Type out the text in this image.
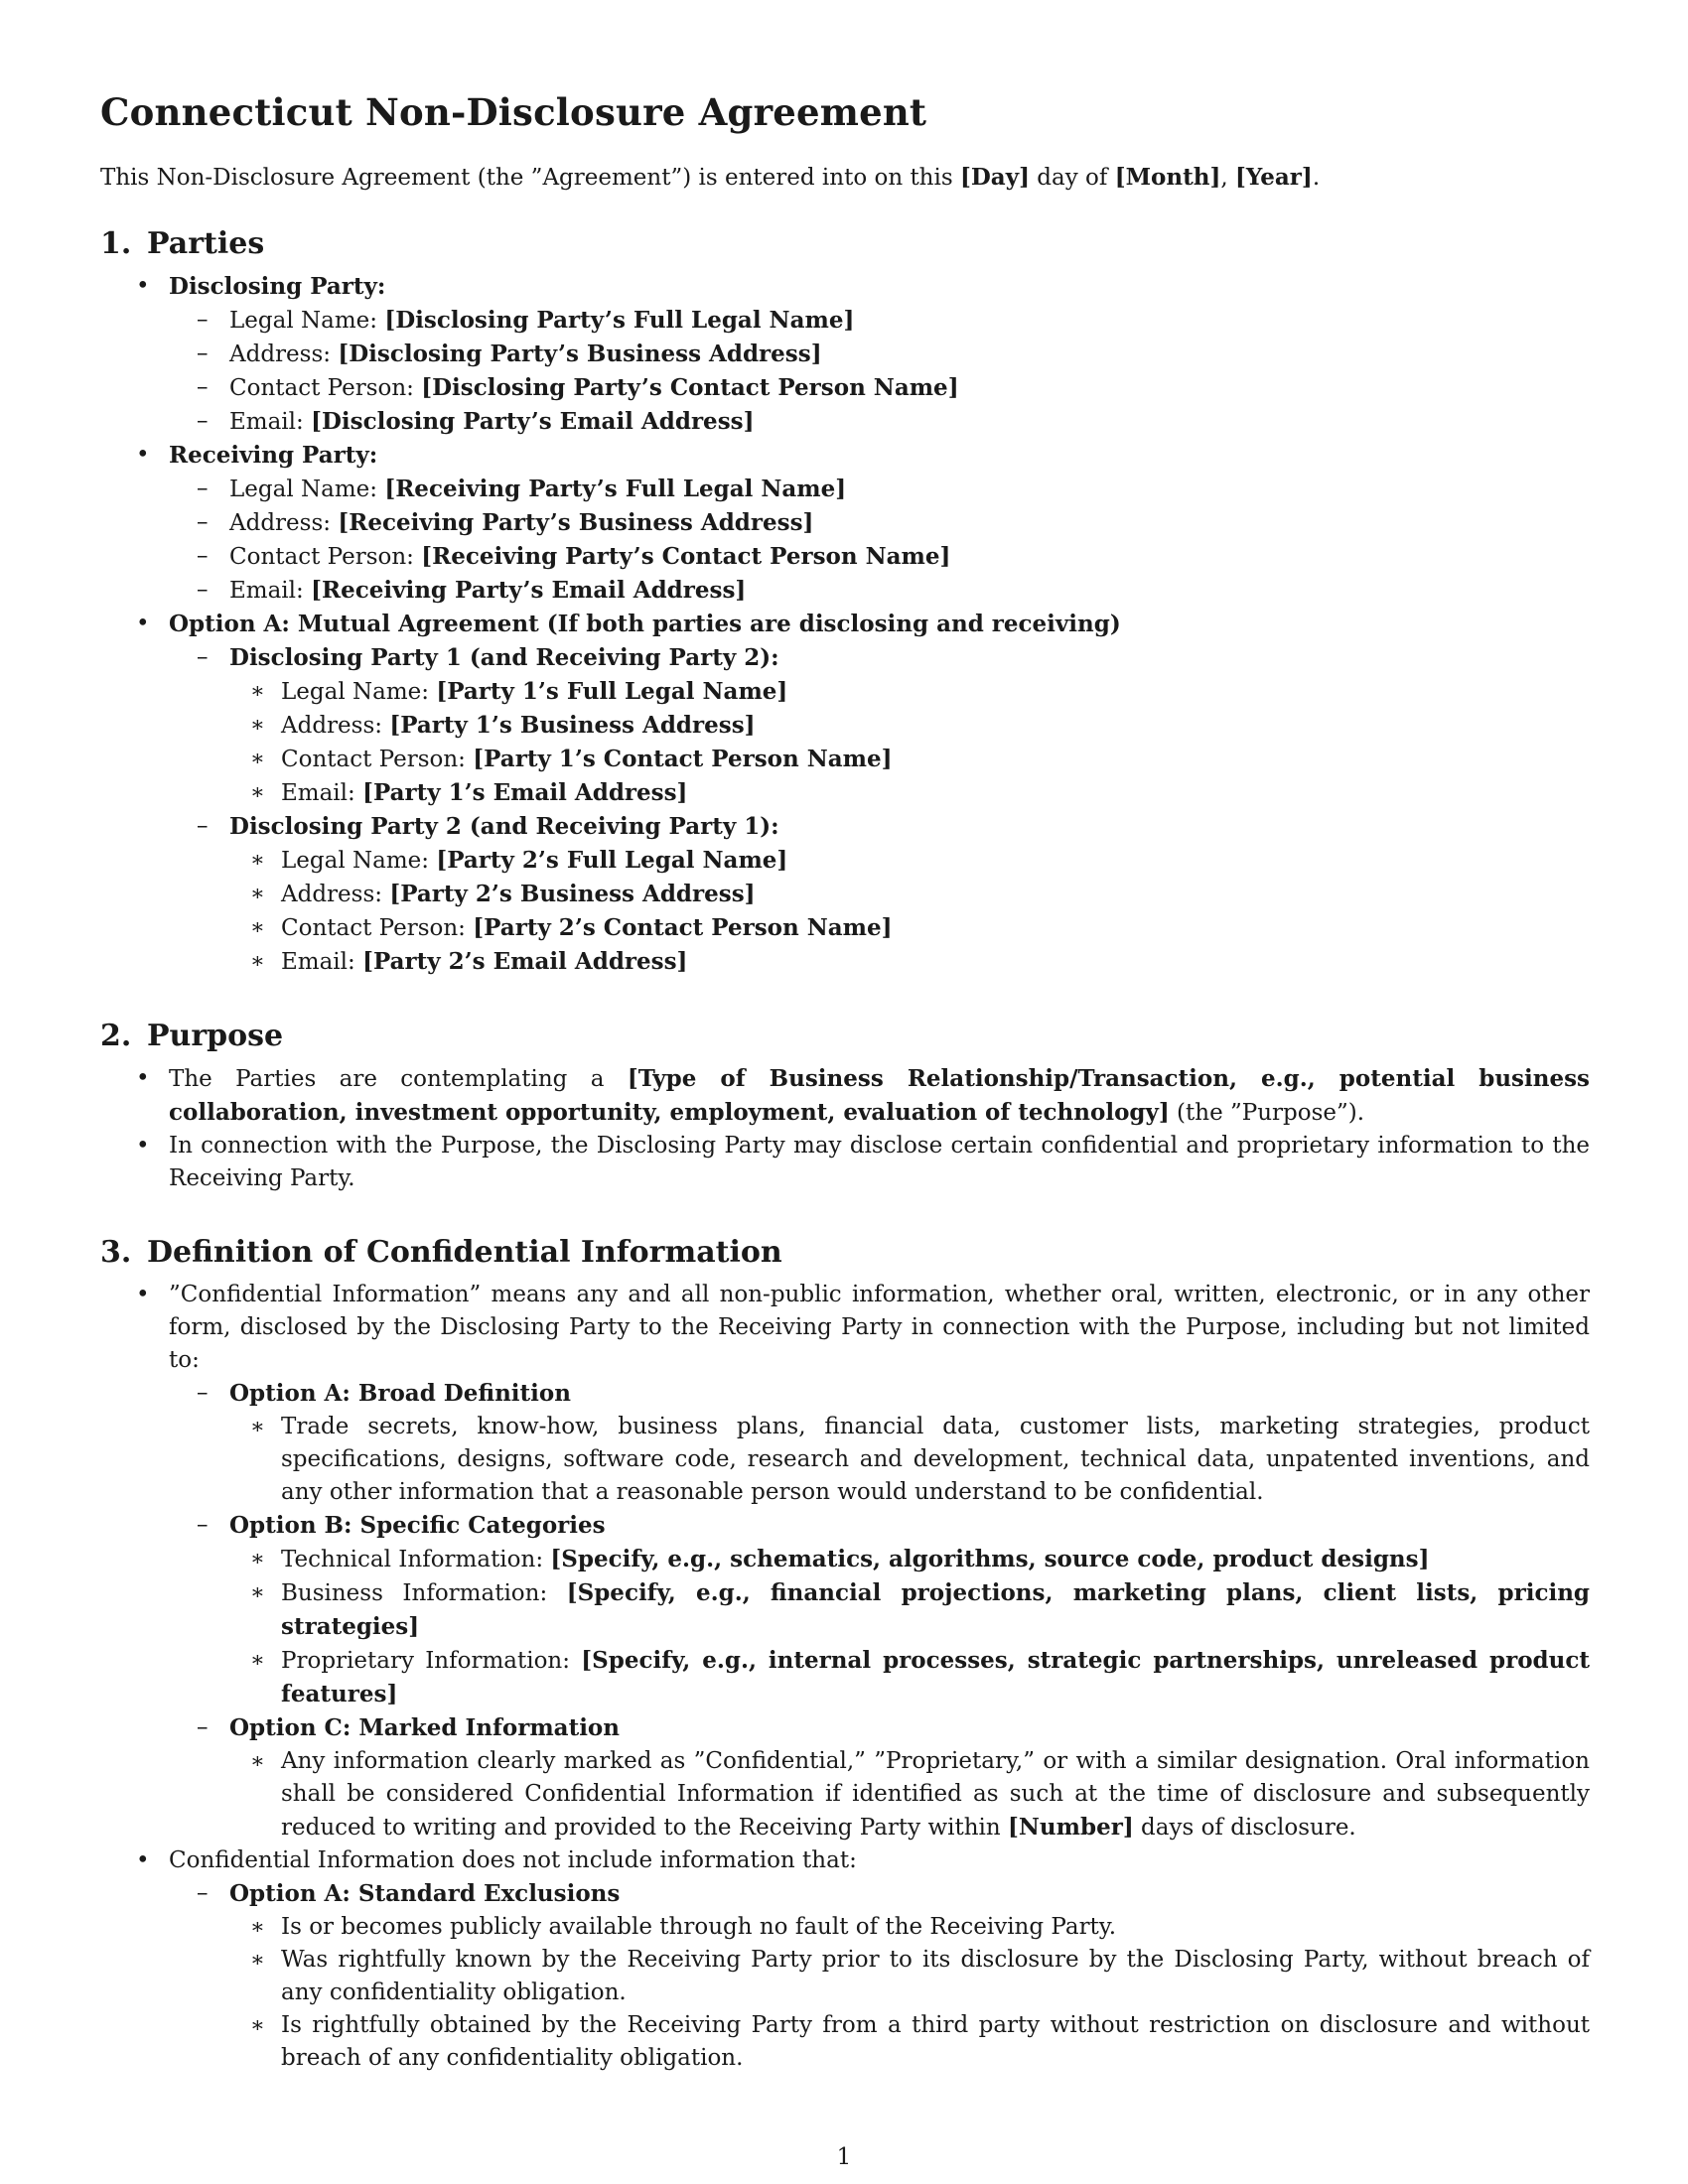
Connecticut Non-Disclosure Agreement
This Non-Disclosure Agreement (the ”Agreement”) is entered into on this [Day] day of [Month], [Year].
1. Parties
• Disclosing Party:
– Legal Name: [Disclosing Party’s Full Legal Name]
– Address: [Disclosing Party’s Business Address]
– Contact Person: [Disclosing Party’s Contact Person Name]
– Email: [Disclosing Party’s Email Address]
• Receiving Party:
– Legal Name: [Receiving Party’s Full Legal Name]
– Address: [Receiving Party’s Business Address]
– Contact Person: [Receiving Party’s Contact Person Name]
– Email: [Receiving Party’s Email Address]
• Option A: Mutual Agreement (If both parties are disclosing and receiving)
– Disclosing Party 1 (and Receiving Party 2):
∗ Legal Name: [Party 1’s Full Legal Name]
∗ Address: [Party 1’s Business Address]
∗ Contact Person: [Party 1’s Contact Person Name]
∗ Email: [Party 1’s Email Address]
– Disclosing Party 2 (and Receiving Party 1):
∗ Legal Name: [Party 2’s Full Legal Name]
∗ Address: [Party 2’s Business Address]
∗ Contact Person: [Party 2’s Contact Person Name]
∗ Email: [Party 2’s Email Address]
2. Purpose

• The Parties are contemplating a [Type of Business Relationship/Transaction, e.g., potential business collaboration, investment opportunity, employment, evaluation of technology] (the ”Purpose”).

• In connection with the Purpose, the Disclosing Party may disclose certain confidential and proprietary information to the Receiving Party.

3. Definition of Confidential Information

• ”Confidential Information” means any and all non-public information, whether oral, written, electronic, or in any other form, disclosed by the Disclosing Party to the Receiving Party in connection with the Purpose, including but not limited to:

– Option A: Broad Definition

∗ Trade secrets, know-how, business plans, financial data, customer lists, marketing strategies, product specifications, designs, software code, research and development, technical data, unpatented inventions, and any other information that a reasonable person would understand to be confidential.

– Option B: Specific Categories

∗ Technical Information: [Specify, e.g., schematics, algorithms, source code, product designs]

∗ Business Information: [Specify, e.g., financial projections, marketing plans, client lists, pricing strategies]

∗ Proprietary Information: [Specify, e.g., internal processes, strategic partnerships, unreleased product features]

– Option C: Marked Information

∗ Any information clearly marked as ”Confidential,” ”Proprietary,” or with a similar designation. Oral information shall be considered Confidential Information if identified as such at the time of disclosure and subsequently reduced to writing and provided to the Receiving Party within [Number] days of disclosure.

• Confidential Information does not include information that:
– Option A: Standard Exclusions

∗ Is or becomes publicly available through no fault of the Receiving Party.

∗ Was rightfully known by the Receiving Party prior to its disclosure by the Disclosing Party, without breach of any confidentiality obligation.

∗ Is rightfully obtained by the Receiving Party from a third party without restriction on disclosure and without breach of any confidentiality obligation.

1
